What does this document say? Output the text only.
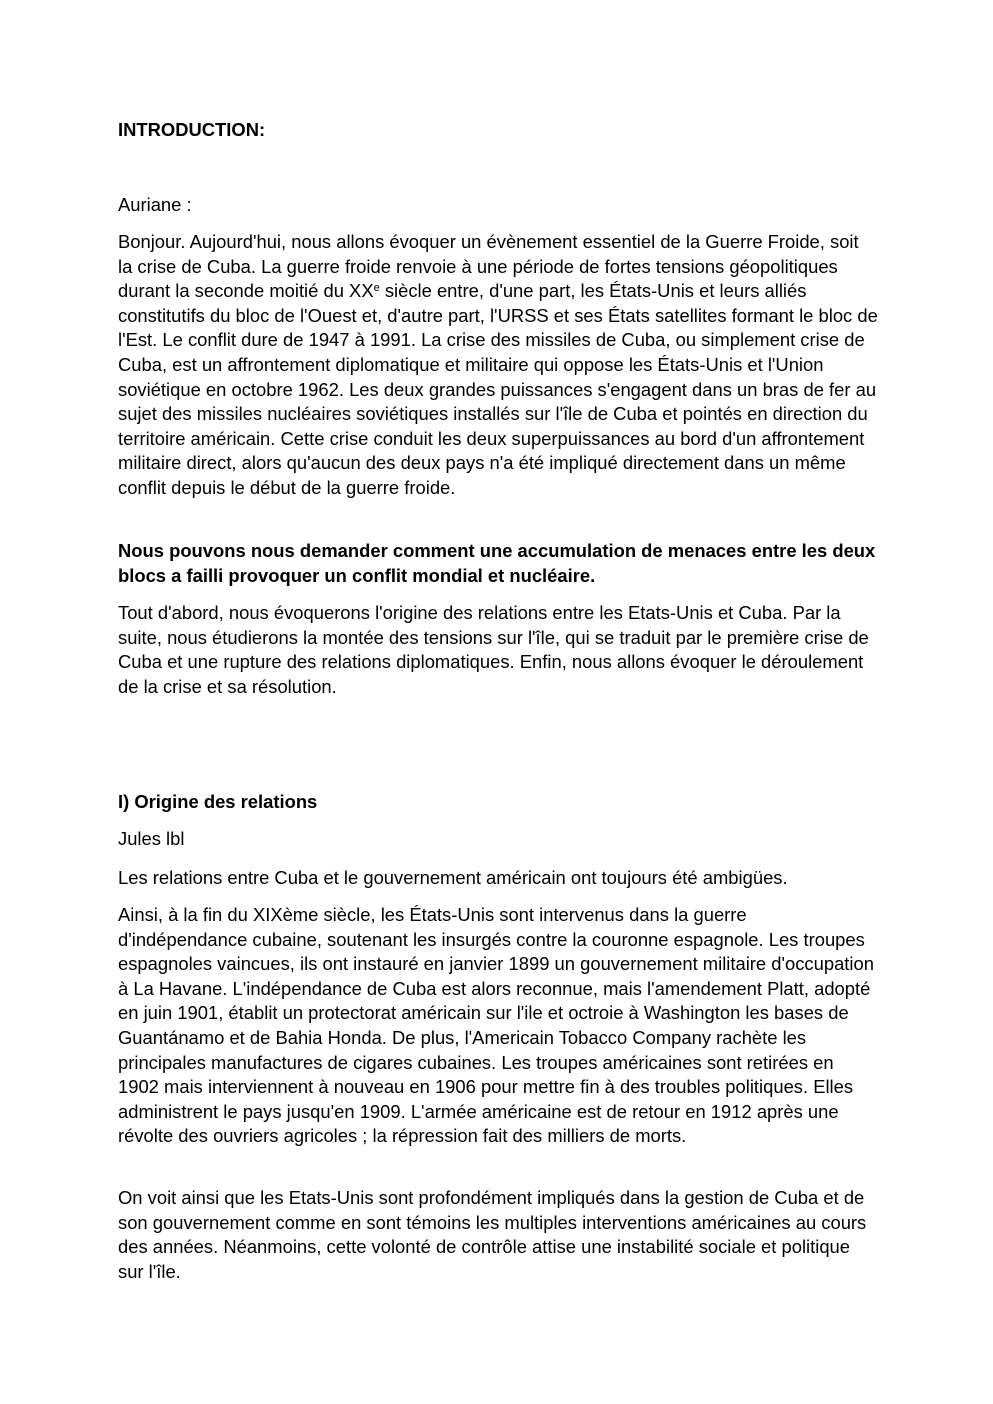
INTRODUCTION:

Auriane :

Bonjour. Aujourd'hui, nous allons évoquer un évènement essentiel de la Guerre Froide, soit la crise de Cuba. La guerre froide renvoie à une période de fortes tensions géopolitiques durant la seconde moitié du XXe siècle entre, d'une part, les États-Unis et leurs alliés constitutifs du bloc de l'Ouest et, d'autre part, l'URSS et ses États satellites formant le bloc de l'Est. Le conflit dure de 1947 à 1991. La crise des missiles de Cuba, ou simplement crise de Cuba, est un affrontement diplomatique et militaire qui oppose les États-Unis et l'Union soviétique en octobre 1962. Les deux grandes puissances s'engagent dans un bras de fer au sujet des missiles nucléaires soviétiques installés sur l'île de Cuba et pointés en direction du territoire américain. Cette crise conduit les deux superpuissances au bord d'un affrontement militaire direct, alors qu'aucun des deux pays n'a été impliqué directement dans un même conflit depuis le début de la guerre froide.

Nous pouvons nous demander comment une accumulation de menaces entre les deux blocs a failli provoquer un conflit mondial et nucléaire.

Tout d'abord, nous évoquerons l'origine des relations entre les Etats-Unis et Cuba. Par la suite, nous étudierons la montée des tensions sur l'île, qui se traduit par le première crise de Cuba et une rupture des relations diplomatiques. Enfin, nous allons évoquer le déroulement de la crise et sa résolution.

I) Origine des relations

Jules lbl

Les relations entre Cuba et le gouvernement américain ont toujours été ambigües.

Ainsi, à la fin du XIXème siècle, les États-Unis sont intervenus dans la guerre d'indépendance cubaine, soutenant les insurgés contre la couronne espagnole. Les troupes espagnoles vaincues, ils ont instauré en janvier 1899 un gouvernement militaire d'occupation à La Havane. L'indépendance de Cuba est alors reconnue, mais l'amendement Platt, adopté en juin 1901, établit un protectorat américain sur l'ile et octroie à Washington les bases de Guantánamo et de Bahia Honda. De plus, l'Americain Tobacco Company rachète les principales manufactures de cigares cubaines. Les troupes américaines sont retirées en 1902 mais interviennent à nouveau en 1906 pour mettre fin à des troubles politiques. Elles administrent le pays jusqu'en 1909. L'armée américaine est de retour en 1912 après une révolte des ouvriers agricoles ; la répression fait des milliers de morts.

On voit ainsi que les Etats-Unis sont profondément impliqués dans la gestion de Cuba et de son gouvernement comme en sont témoins les multiples interventions américaines au cours des années. Néanmoins, cette volonté de contrôle attise une instabilité sociale et politique sur l'île.
